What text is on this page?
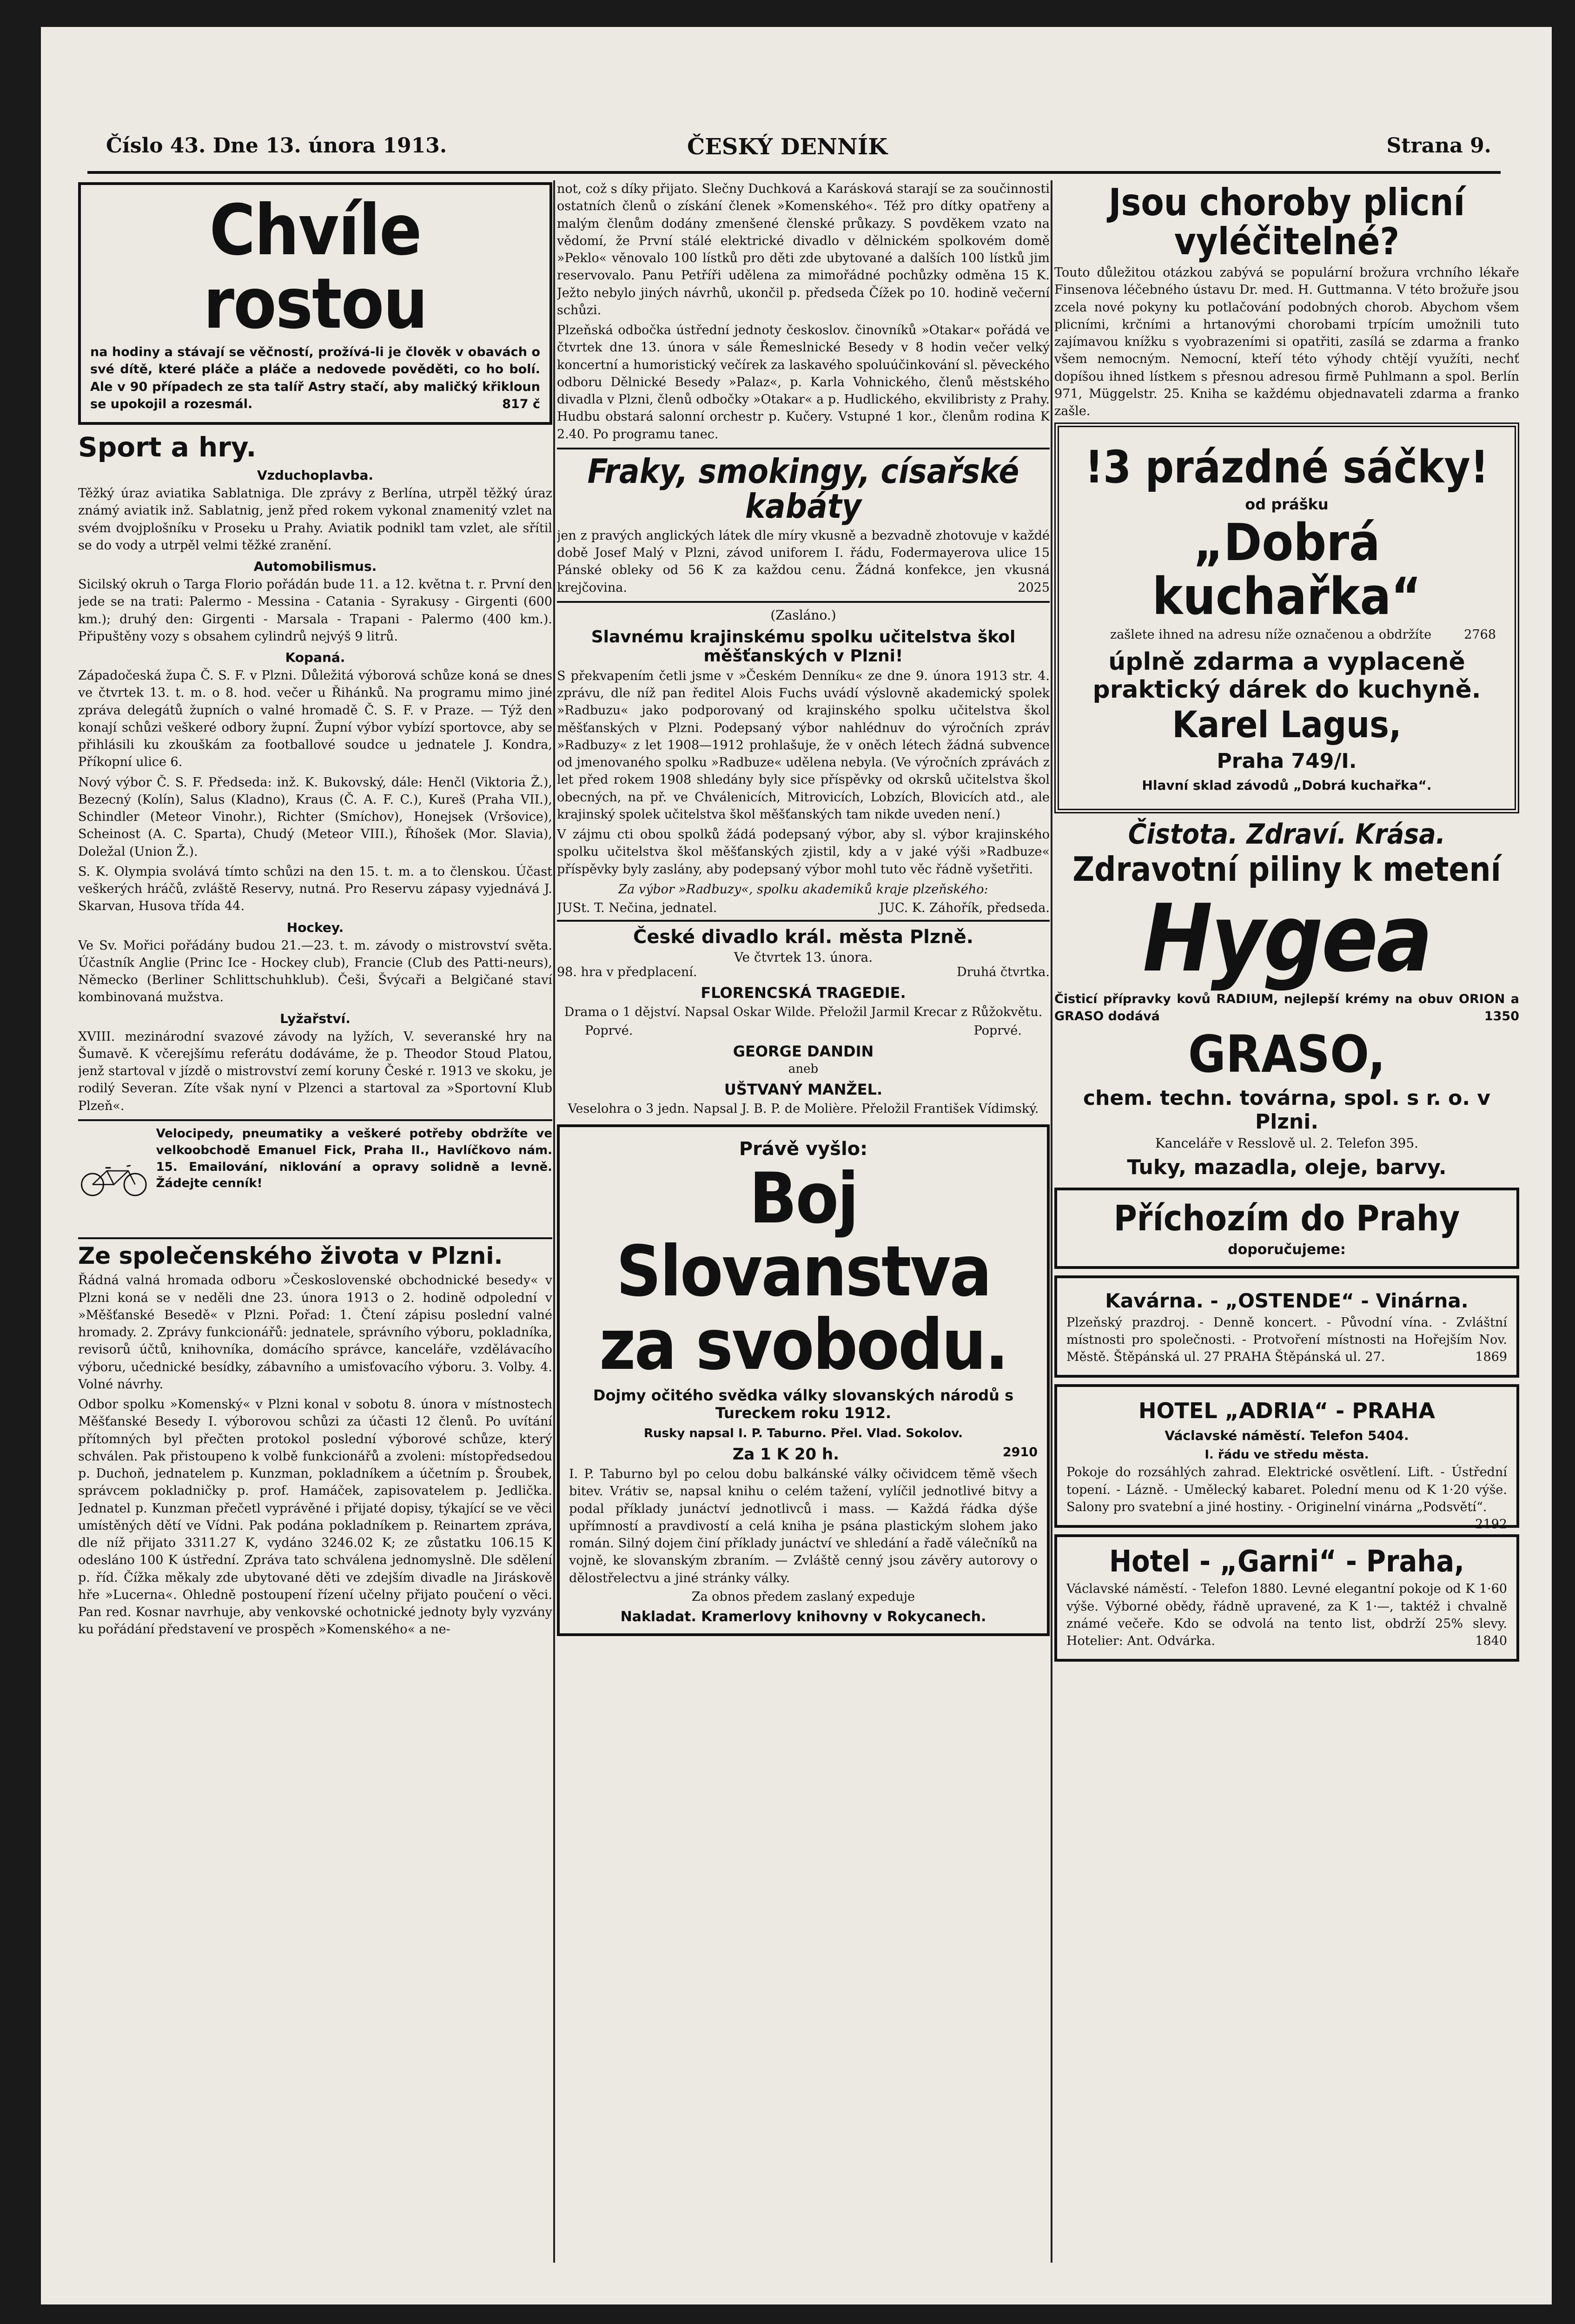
Číslo 43. Dne 13. února 1913.	ČESKÝ DENNÍK	Strana 9.
Chvíle rostou

na hodiny a stávají se věčností, prožívá-li je člověk v obavách o své dítě, které pláče a pláče a nedovede pověděti, co ho bolí. Ale v 90 případech ze sta talíř Astry stačí, aby maličký křikloun se upokojil a rozesmál.	817 č

Sport a hry.
Vzduchoplavba.

Těžký úraz aviatika Sablatniga. Dle zprávy z Berlína, utrpěl těžký úraz známý aviatik inž. Sablatnig, jenž před rokem vykonal znamenitý vzlet na svém dvojplošníku v Proseku u Prahy. Aviatik podnikl tam vzlet, ale sřítil se do vody a utrpěl velmi těžké zranění.

Automobilismus.

Sicilský okruh o Targa Florio pořádán bude 11. a 12. května t. r. První den jede se na trati: Palermo - Messina - Catania - Syrakusy - Girgenti (600 km.); druhý den: Girgenti - Marsala - Trapani - Palermo (400 km.). Připuštěny vozy s obsahem cylindrů nejvýš 9 litrů.

Kopaná.

Západočeská župa Č. S. F. v Plzni. Důležitá výborová schůze koná se dnes ve čtvrtek 13. t. m. o 8. hod. večer u Řihánků. Na programu mimo jiné zpráva delegátů župních o valné hromadě Č. S. F. v Praze. — Týž den konají schůzi veškeré odbory župní. Župní výbor vybízí sportovce, aby se přihlásili ku zkouškám za footballové soudce u jednatele J. Kondra, Příkopní ulice 6.

Nový výbor Č. S. F. Předseda: inž. K. Bukovský, dále: Henčl (Viktoria Ž.), Bezecný (Kolín), Salus (Kladno), Kraus (Č. A. F. C.), Kureš (Praha VII.), Schindler (Meteor Vinohr.), Richter (Smíchov), Honejsek (Vršovice), Scheinost (A. C. Sparta), Chudý (Meteor VIII.), Říhošek (Mor. Slavia), Doležal (Union Ž.).

S. K. Olympia svolává tímto schůzi na den 15. t. m. a to členskou. Účast veškerých hráčů, zvláště Reservy, nutná. Pro Reservu zápasy vyjednává J. Skarvan, Husova třída 44.

Hockey.

Ve Sv. Mořici pořádány budou 21.—23. t. m. závody o mistrovství světa. Účastník Anglie (Princ Ice - Hockey club), Francie (Club des Patti-neurs), Německo (Berliner Schlittschuhklub). Češi, Švýcaři a Belgičané staví kombinovaná mužstva.

Lyžařství.

XVIII. mezinárodní svazové závody na lyžích, V. severanské hry na Šumavě. K včerejšímu referátu dodáváme, že p. Theodor Stoud Platou, jenž startoval v jízdě o mistrovství zemí koruny České r. 1913 ve skoku, je rodilý Severan. Zíte však nyní v Plzenci a startoval za »Sportovní Klub Plzeň«.

Velocipedy, pneumatiky a veškeré potřeby obdržíte ve velkoobchodě Emanuel Fick, Praha II., Havlíčkovo nám. 15. Emailování, niklování a opravy solidně a levně. Žádejte cenník!

Ze společenského života v Plzni.

Řádná valná hromada odboru »Československé obchodnické besedy« v Plzni koná se v neděli dne 23. února 1913 o 2. hodině odpolední v »Měšťanské Besedě« v Plzni. Pořad: 1. Čtení zápisu poslední valné hromady. 2. Zprávy funkcionářů: jednatele, správního výboru, pokladníka, revisorů účtů, knihovníka, domácího správce, kanceláře, vzdělávacího výboru, učednické besídky, zábavního a umisťovacího výboru. 3. Volby. 4. Volné návrhy.

Odbor spolku »Komenský« v Plzni konal v sobotu 8. února v místnostech Měšťanské Besedy I. výborovou schůzi za účasti 12 členů. Po uvítání přítomných byl přečten protokol poslední výborové schůze, který schválen. Pak přistoupeno k volbě funkcionářů a zvoleni: místopředsedou p. Duchoň, jednatelem p. Kunzman, pokladníkem a účetním p. Šroubek, správcem pokladničky p. prof. Hamáček, zapisovatelem p. Jedlička. Jednatel p. Kunzman přečetl vyprávěné i přijaté dopisy, týkající se ve věci umístěných dětí ve Vídni. Pak podána pokladníkem p. Reinartem zpráva, dle níž přijato 3311.27 K, vydáno 3246.02 K; ze zůstatku 106.15 K odesláno 100 K ústřední. Zpráva tato schválena jednomyslně. Dle sdělení p. říd. Čížka měkaly zde ubytované děti ve zdejším divadle na Jiráskově hře »Lucerna«. Ohledně postoupení řízení učelny přijato poučení o věci. Pan red. Kosnar navrhuje, aby venkovské ochotnické jednoty byly vyzvány ku pořádání představení ve prospěch »Komenského« a ne-

not, což s díky přijato. Slečny Duchková a Karásková starají se za součinnosti ostatních členů o získání členek »Komenského«. Též pro dítky opatřeny a malým členům dodány zmenšené členské průkazy. S povděkem vzato na vědomí, že První stálé elektrické divadlo v dělnickém spolkovém domě »Peklo« věnovalo 100 lístků pro děti zde ubytované a dalších 100 lístků jim reservovalo. Panu Petříři udělena za mimořádné pochůzky odměna 15 K. Ježto nebylo jiných návrhů, ukončil p. předseda Čížek po 10. hodině večerní schůzi.

Plzeňská odbočka ústřední jednoty českoslov. činovníků »Otakar« pořádá ve čtvrtek dne 13. února v sále Řemeslnické Besedy v 8 hodin večer velký koncertní a humoristický večírek za laskavého spoluúčinkování sl. pěveckého odboru Dělnické Besedy »Palaz«, p. Karla Vohnického, členů městského divadla v Plzni, členů odbočky »Otakar« a p. Hudlického, ekvilibristy z Prahy. Hudbu obstará salonní orchestr p. Kučery. Vstupné 1 kor., členům rodina K 2.40. Po programu tanec.

Fraky, smokingy, císařské kabáty

jen z pravých anglických látek dle míry vkusně a bezvadně zhotovuje v každé době Josef Malý v Plzni, závod uniforem I. řádu, Fodermayerova ulice 15 Pánské obleky od 56 K za každou cenu. Žádná konfekce, jen vkusná krejčovina.	2025

(Zasláno.)
Slavnému krajinskému spolku učitelstva škol měšťanských v Plzni!

S překvapením četli jsme v »Českém Denníku« ze dne 9. února 1913 str. 4. zprávu, dle níž pan ředitel Alois Fuchs uvádí výslovně akademický spolek »Radbuzu« jako podporovaný od krajinského spolku učitelstva škol měšťanských v Plzni. Podepsaný výbor nahlédnuv do výročních zpráv »Radbuzy« z let 1908—1912 prohlašuje, že v oněch létech žádná subvence od jmenovaného spolku »Radbuze« udělena nebyla. (Ve výročních zprávách z let před rokem 1908 shledány byly sice příspěvky od okrsků učitelstva škol obecných, na př. ve Chválenicích, Mitrovicích, Lobzích, Blovicích atd., ale krajinský spolek učitelstva škol měšťanských tam nikde uveden není.)

V zájmu cti obou spolků žádá podepsaný výbor, aby sl. výbor krajinského spolku učitelstva škol měšťanských zjistil, kdy a v jaké výši »Radbuze« příspěvky byly zaslány, aby podepsaný výbor mohl tuto věc řádně vyšetřiti.

Za výbor »Radbuzy«, spolku akademiků kraje plzeňského:

JUSt. T. Nečina, jednatel.	JUC. K. Záhořík, předseda.
České divadlo král. města Plzně.
Ve čtvrtek 13. února.
98. hra v předplacení.	Druhá čtvrtka.
FLORENCSKÁ TRAGEDIE.

Drama o 1 dějství. Napsal Oskar Wilde. Přeložil Jarmil Krecar z Růžokvětu.

Poprvé.	Poprvé.
GEORGE DANDIN
aneb
UŠTVANÝ MANŽEL.

Veselohra o 3 jedn. Napsal J. B. P. de Molière. Přeložil František Vídimský.

Právě vyšlo:
Boj Slovanstva za svobodu.
Dojmy očitého svědka války slovanských národů s Tureckem roku 1912.
Rusky napsal I. P. Taburno. Přel. Vlad. Sokolov.
Za 1 K 20 h.	2910

I. P. Taburno byl po celou dobu balkánské války očividcem těmě všech bitev. Vrátiv se, napsal knihu o celém tažení, vylíčil jednotlivé bitvy a podal příklady junáctví jednotlivců i mass. — Každá řádka dýše upřímností a pravdivostí a celá kniha je psána plastickým slohem jako román. Silný dojem činí příklady junáctví ve shledání a řadě válečníků na vojně, ke slovanským zbraním. — Zvláště cenný jsou závěry autorovy o dělostřelectvu a jiné stránky války.

Za obnos předem zaslaný expeduje
Nakladat. Kramerlovy knihovny v Rokycanech.
Jsou choroby plicní vyléčitelné?

Touto důležitou otázkou zabývá se populární brožura vrchního lékaře Finsenova léčebného ústavu Dr. med. H. Guttmanna. V této brožuře jsou zcela nové pokyny ku potlačování podobných chorob. Abychom všem plicními, krčními a hrtanovými chorobami trpícím umožnili tuto zajímavou knížku s vyobrazeními si opatřiti, zasílá se zdarma a franko všem nemocným. Nemocní, kteří této výhody chtějí využíti, nechť dopíšou ihned lístkem s přesnou adresou firmě Puhlmann a spol. Berlín 971, Müggelstr. 25. Kniha se každému objednavateli zdarma a franko zašle.

!3 prázdné sáčky!
od prášku
„Dobrá kuchařka“

zašlete ihned na adresu níže označenou a obdržíte	2768

úplně zdarma a vyplaceně praktický dárek do kuchyně.
Karel Lagus,
Praha 749/I.
Hlavní sklad závodů „Dobrá kuchařka“.
Čistota. Zdraví. Krása.
Zdravotní piliny k metení
Hygea

Čisticí přípravky kovů RADIUM, nejlepší krémy na obuv ORION a GRASO dodává	1350

GRASO,
chem. techn. továrna, spol. s r. o. v Plzni.
Kanceláře v Resslově ul. 2. Telefon 395.
Tuky, mazadla, oleje, barvy.
Příchozím do Prahy
doporučujeme:
Kavárna. - „OSTENDE“ - Vinárna.

Plzeňský prazdroj. - Denně koncert. - Původní vína. - Zvláštní místnosti pro společnosti. - Protvoření místnosti na Hořejším Nov. Městě. Štěpánská ul. 27 PRAHA Štěpánská ul. 27.	1869

HOTEL „ADRIA“ - PRAHA
Václavské náměstí. Telefon 5404.
I. řádu ve středu města.

Pokoje do rozsáhlých zahrad. Elektrické osvětlení. Lift. - Ústřední topení. - Lázně. - Umělecký kabaret. Polední menu od K 1·20 výše. Salony pro svatební a jiné hostiny. - Originelní vinárna „Podsvětí“.
2192

Hotel - „Garni“ - Praha,

Václavské náměstí. - Telefon 1880. Levné elegantní pokoje od K 1·60 výše. Výborné obědy, řádně upravené, za K 1·—, taktéž i chvalně známé večeře. Kdo se odvolá na tento list, obdrží 25% slevy. Hotelier: Ant. Odvárka.	1840
